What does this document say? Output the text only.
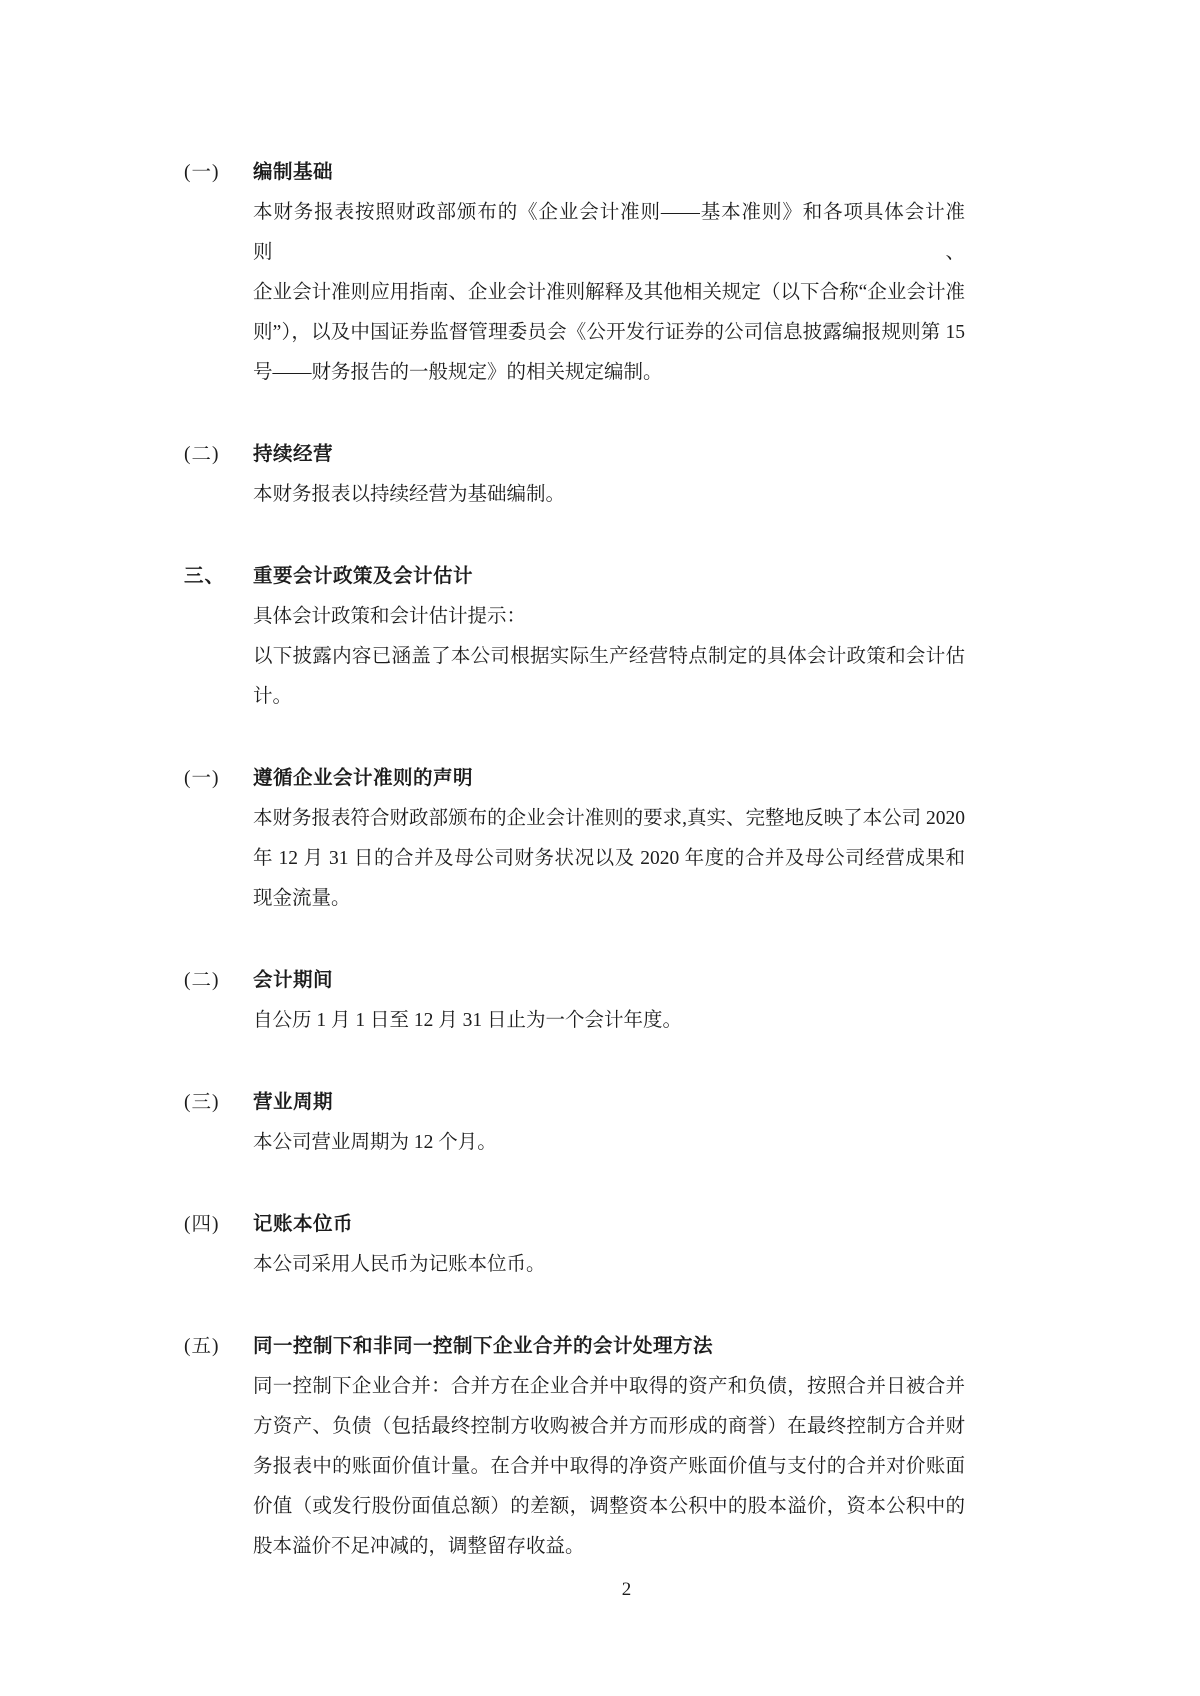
(一)	编制基础
本财务报表按照财政部颁布的《企业会计准则——基本准则》和各项具体会计准则、
企业会计准则应用指南、企业会计准则解释及其他相关规定（以下合称“企业会计准
则”），以及中国证券监督管理委员会《公开发行证券的公司信息披露编报规则第 15
号——财务报告的一般规定》的相关规定编制。
(二)	持续经营
本财务报表以持续经营为基础编制。
三、	重要会计政策及会计估计
具体会计政策和会计估计提示：
以下披露内容已涵盖了本公司根据实际生产经营特点制定的具体会计政策和会计估
计。
(一)	遵循企业会计准则的声明
本财务报表符合财政部颁布的企业会计准则的要求,真实、完整地反映了本公司 2020
年 12 月 31 日的合并及母公司财务状况以及 2020 年度的合并及母公司经营成果和
现金流量。
(二)	会计期间
自公历 1 月 1 日至 12 月 31 日止为一个会计年度。
(三)	营业周期
本公司营业周期为 12 个月。
(四)	记账本位币
本公司采用人民币为记账本位币。
(五)	同一控制下和非同一控制下企业合并的会计处理方法
同一控制下企业合并：合并方在企业合并中取得的资产和负债，按照合并日被合并
方资产、负债（包括最终控制方收购被合并方而形成的商誉）在最终控制方合并财
务报表中的账面价值计量。在合并中取得的净资产账面价值与支付的合并对价账面
价值（或发行股份面值总额）的差额，调整资本公积中的股本溢价，资本公积中的
股本溢价不足冲减的，调整留存收益。
2
